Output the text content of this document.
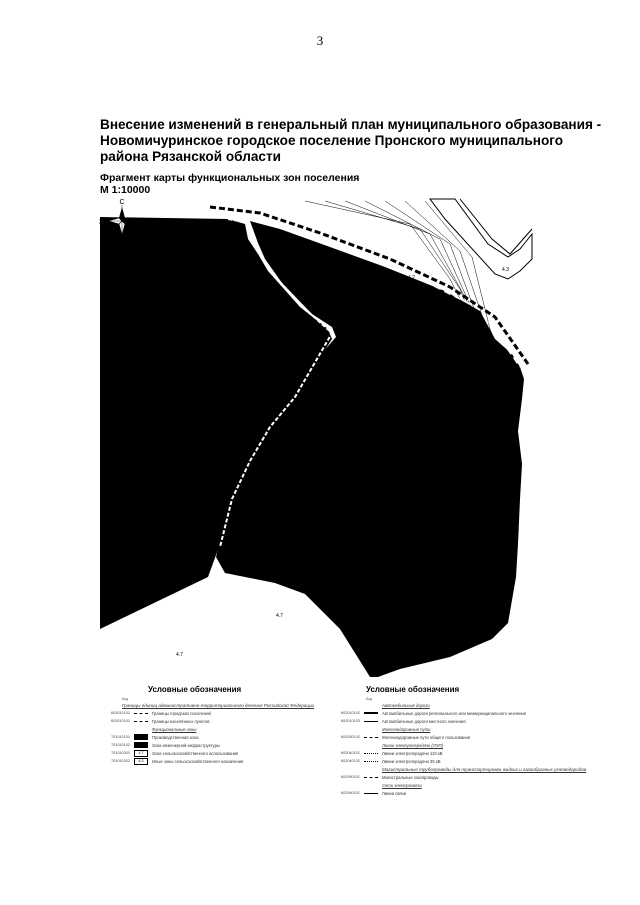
3

Внесение изменений в генеральный план муниципального образования - Новомичуринское городское поселение Пронского муниципального района Рязанской области

Фрагмент карты функциональных зон поселения

М 1:10000

С
Ю
З	В
4.3
4.2
4.7
4.7

Условные обозначения

Код
Границы единиц административно-территориального деления Российской Федерации
603010101	Границы городских поселений
603010101	Границы населённых пунктов
Функциональные зоны
701010101	Производственная зона
701010102	Зона инженерной инфраструктуры
701010301	4.7	Зона сельскохозяйственного использования
701010302	4.3	Иные зоны сельскохозяйственного назначения

Условные обозначения

Код
Автомобильные дороги
602010102	Автомобильные дороги регионального или межмуниципального значения
602010103	Автомобильные дороги местного значения
Железнодорожные пути
602030102	Железнодорожные пути общего пользования
Линии электропередачи (ЛЭП)
602040101	Линии электропередачи 110 кВ
602040102	Линии электропередачи 35 кВ
Магистральные трубопроводы для транспортировки жидких и газообразных углеводородов
602050101	Магистральные газопроводы
Сети электросвязи
602060101	Линии связи
